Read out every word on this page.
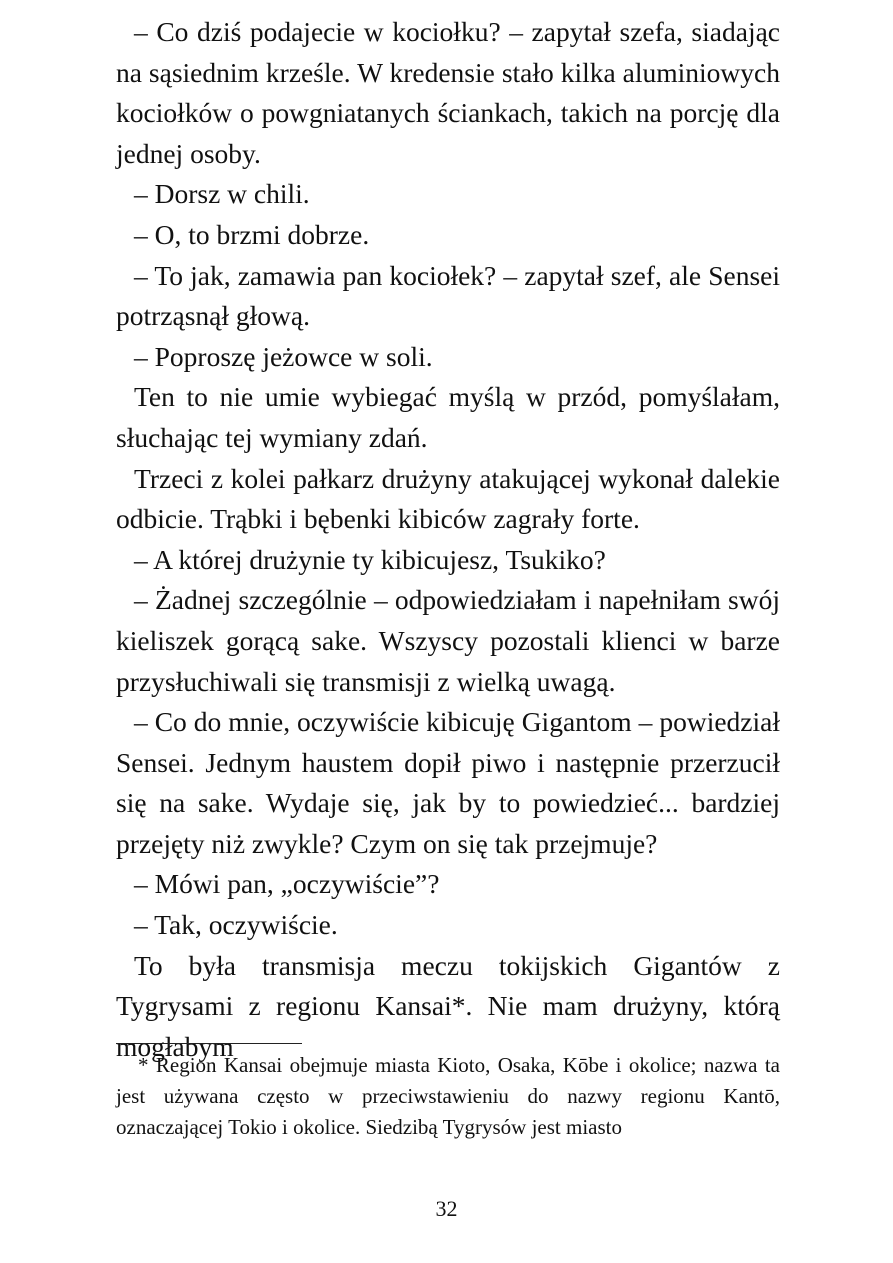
– Co dziś podajecie w kociołku? – zapytał szefa, siadając na sąsiednim krześle. W kredensie stało kilka aluminiowych kociołków o powgniatanych ściankach, takich na porcję dla jednej osoby.

– Dorsz w chili.

– O, to brzmi dobrze.

– To jak, zamawia pan kociołek? – zapytał szef, ale Sensei potrząsnął głową.

– Poproszę jeżowce w soli.

Ten to nie umie wybiegać myślą w przód, pomyślałam, słuchając tej wymiany zdań.

Trzeci z kolei pałkarz drużyny atakującej wykonał dalekie odbicie. Trąbki i bębenki kibiców zagrały forte.

– A której drużynie ty kibicujesz, Tsukiko?

– Żadnej szczególnie – odpowiedziałam i napełniłam swój kieliszek gorącą sake. Wszyscy pozostali klienci w barze przysłuchiwali się transmisji z wielką uwagą.

– Co do mnie, oczywiście kibicuję Gigantom – powiedział Sensei. Jednym haustem dopił piwo i następnie przerzucił się na sake. Wydaje się, jak by to powiedzieć... bardziej przejęty niż zwykle? Czym on się tak przejmuje?

– Mówi pan, „oczywiście”?

– Tak, oczywiście.

To była transmisja meczu tokijskich Gigantów z Tygrysami z regionu Kansai*. Nie mam drużyny, którą mogłabym

* Region Kansai obejmuje miasta Kioto, Osaka, Kōbe i okolice; nazwa ta jest używana często w przeciwstawieniu do nazwy regionu Kantō, oznaczającej Tokio i okolice. Siedzibą Tygrysów jest miasto

32
